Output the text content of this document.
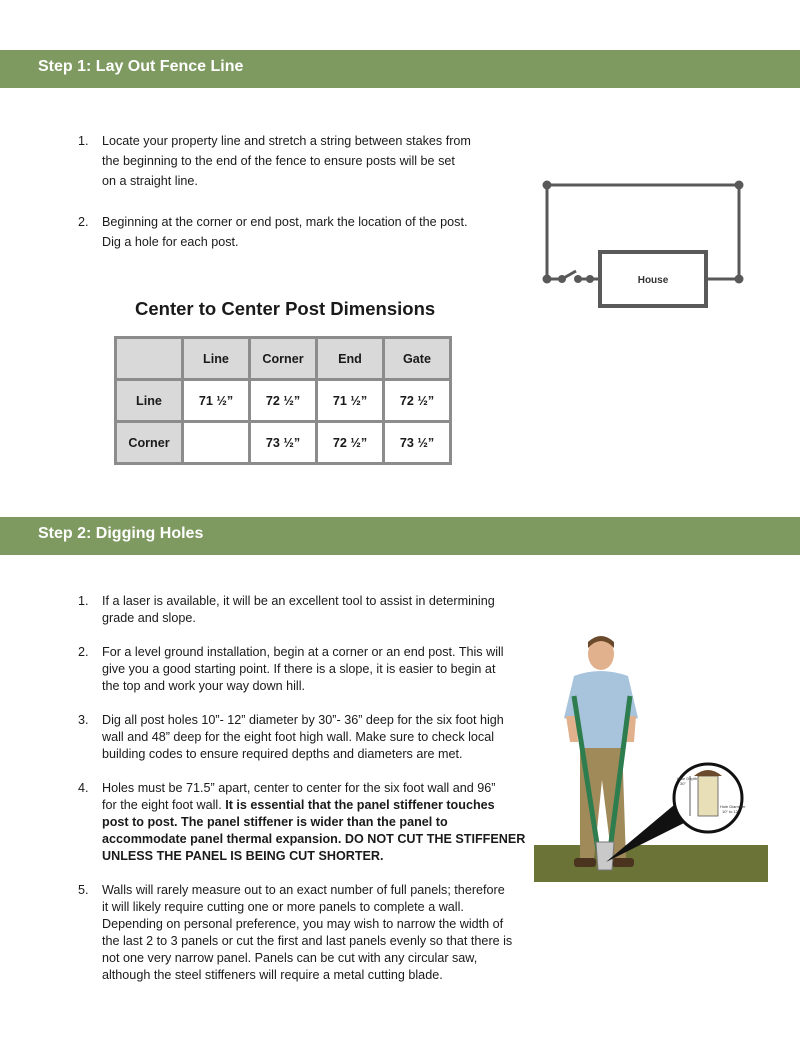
Step 1: Lay Out Fence Line
1. Locate your property line and stretch a string between stakes from
the beginning to the end of the fence to ensure posts will be set
on a straight line.
2. Beginning at the corner or end post, mark the location of the post.
Dig a hole for each post.
House
Center to Center Post Dimensions
	Line	Corner	End	Gate
Line	71 ½”	72 ½”	71 ½”	72 ½”
Corner		73 ½”	72 ½”	73 ½”
Step 2: Digging Holes
1. If a laser is available, it will be an excellent tool to assist in determining
grade and slope.
2. For a level ground installation, begin at a corner or an end post. This will
give you a good starting point. If there is a slope, it is easier to begin at
the top and work your way down hill.
3. Dig all post holes 10”- 12” diameter by 30”- 36” deep for the six foot high
wall and 48” deep for the eight foot high wall. Make sure to check local
building codes to ensure required depths and diameters are met.
4. Holes must be 71.5” apart, center to center for the six foot wall and 96”
for the eight foot wall. It is essential that the panel stiffener touches
post to post. The panel stiffener is wider than the panel to
accommodate panel thermal expansion. DO NOT CUT THE STIFFENER
UNLESS THE PANEL IS BEING CUT SHORTER.
5. Walls will rarely measure out to an exact number of full panels; therefore
it will likely require cutting one or more panels to complete a wall.
Depending on personal preference, you may wish to narrow the width of
the last 2 to 3 panels or cut the first and last panels evenly so that there is
not one very narrow panel. Panels can be cut with any circular saw,
although the steel stiffeners will require a metal cutting blade.
Hole Depth
30"
Hole Diameter
10" to 12"
